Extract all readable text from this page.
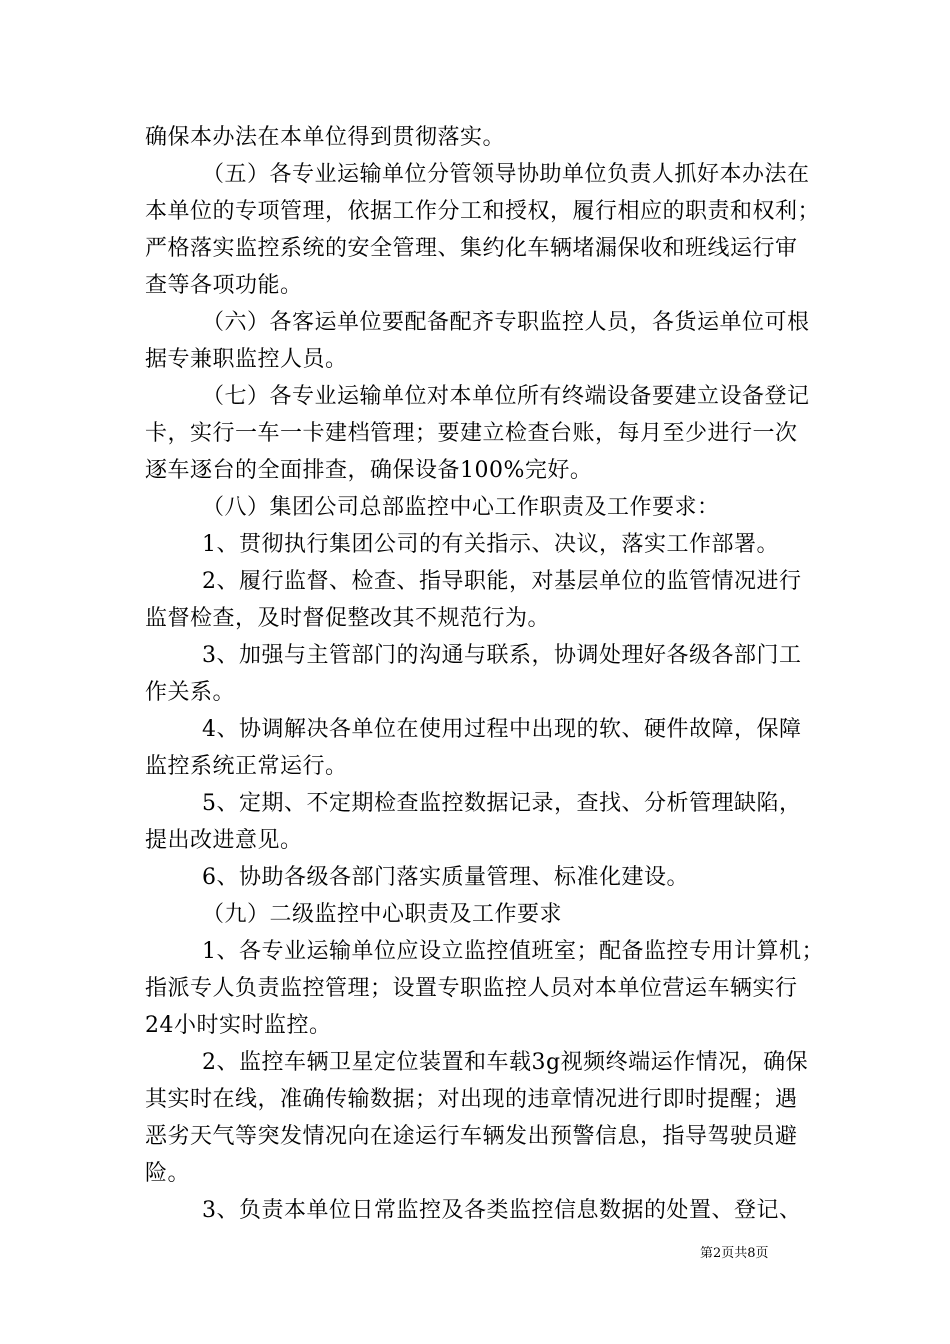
确保本办法在本单位得到贯彻落实。
（五）各专业运输单位分管领导协助单位负责人抓好本办法在
本单位的专项管理，依据工作分工和授权，履行相应的职责和权利；
严格落实监控系统的安全管理、集约化车辆堵漏保收和班线运行审
查等各项功能。
（六）各客运单位要配备配齐专职监控人员，各货运单位可根
据专兼职监控人员。
（七）各专业运输单位对本单位所有终端设备要建立设备登记
卡，实行一车一卡建档管理；要建立检查台账，每月至少进行一次
逐车逐台的全面排查，确保设备100%完好。
（八）集团公司总部监控中心工作职责及工作要求：
1、贯彻执行集团公司的有关指示、决议，落实工作部署。
2、履行监督、检查、指导职能，对基层单位的监管情况进行
监督检查，及时督促整改其不规范行为。
3、加强与主管部门的沟通与联系，协调处理好各级各部门工
作关系。
4、协调解决各单位在使用过程中出现的软、硬件故障，保障
监控系统正常运行。
5、定期、不定期检查监控数据记录，查找、分析管理缺陷，
提出改进意见。
6、协助各级各部门落实质量管理、标准化建设。
（九）二级监控中心职责及工作要求
1、各专业运输单位应设立监控值班室；配备监控专用计算机；
指派专人负责监控管理；设置专职监控人员对本单位营运车辆实行
24小时实时监控。
2、监控车辆卫星定位装置和车载3g视频终端运作情况，确保
其实时在线，准确传输数据；对出现的违章情况进行即时提醒；遇
恶劣天气等突发情况向在途运行车辆发出预警信息，指导驾驶员避
险。
3、负责本单位日常监控及各类监控信息数据的处置、登记、
第2页共8页
